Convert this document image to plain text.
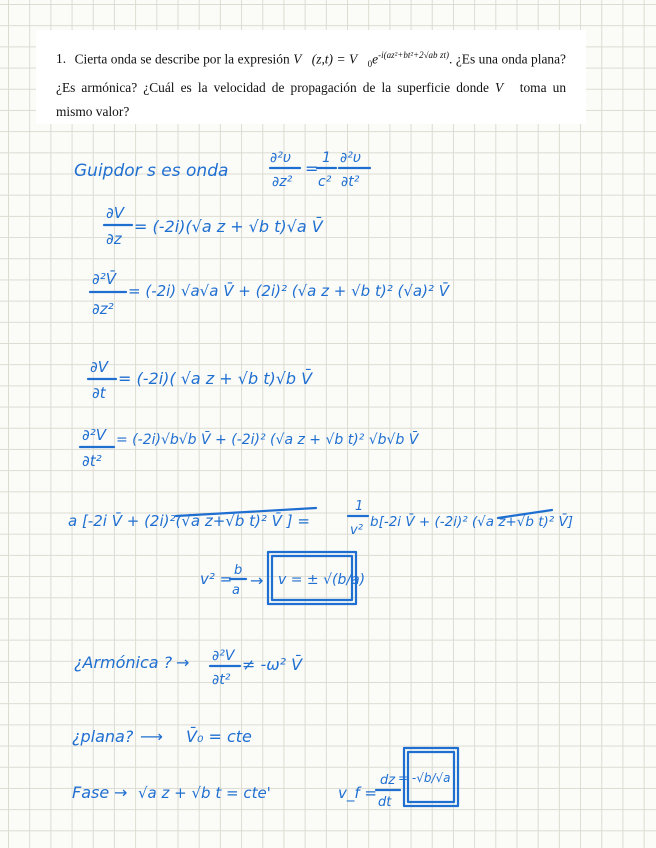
1. Cierta onda se describe por la expresión V⃗(z,t) = $V⃗_0e^{-i(az^2+bt^2+2√ab zt)}$. ¿Es una onda plana? ¿Es armónica? ¿Cuál es la velocidad de propagación de la superficie donde V⃗ toma un mismo valor?
Guipdor s es onda
∂²υ
∂z²
=
1
c²
∂²υ
∂t²
∂V
∂z
= (-2i)(√a z + √b t)√a V̄
∂²V̄
∂z²
= (-2i) √a√a V̄ + (2i)² (√a z + √b t)² (√a)² V̄
∂V
∂t
= (-2i)( √a z + √b t)√b V̄
∂²V
∂t²
= (-2i)√b√b V̄ + (-2i)² (√a z + √b t)² √b√b V̄
a [-2i V̄ + (2i)²(√a z+√b t)² V̄ ] =
1
v²
b[-2i V̄ + (-2i)² (√a z+√b t)² V̄]
v² = b
a
→ v = ± √(b/a)
¿Armónica ? → ∂²V
∂t²
≠ -ω² V̄
¿plana? ⟶ V̄₀ = cte
Fase → √a z + √b t = cte'	v_f =
dz
dt
= -√b/√a
